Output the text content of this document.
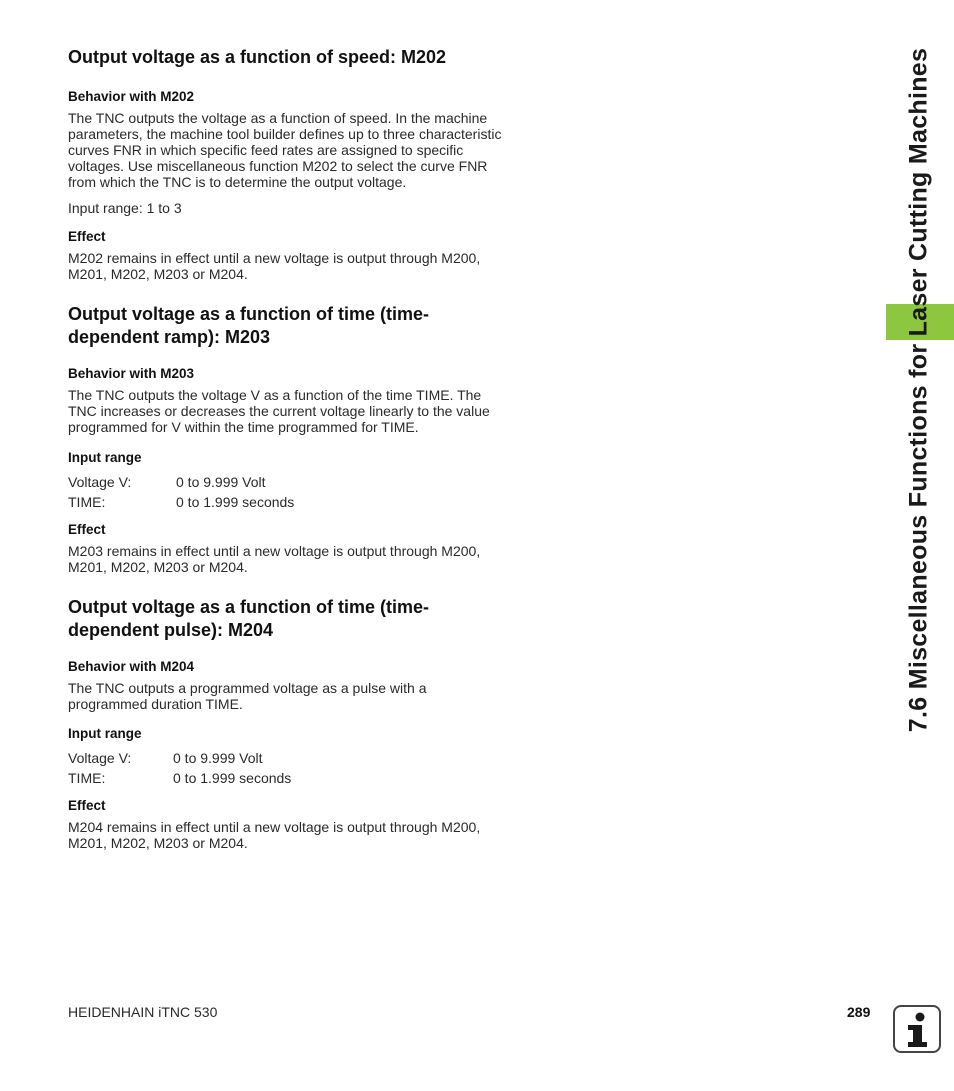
7.6 Miscellaneous Functions for Laser Cutting Machines
Output voltage as a function of speed: M202
Behavior with M202

The TNC outputs the voltage as a function of speed. In the machine parameters, the machine tool builder defines up to three characteristic curves FNR in which specific feed rates are assigned to specific voltages. Use miscellaneous function M202 to select the curve FNR from which the TNC is to determine the output voltage.

Input range: 1 to 3

Effect

M202 remains in effect until a new voltage is output through M200, M201, M202, M203 or M204.

Output voltage as a function of time (time-
dependent ramp): M203
Behavior with M203

The TNC outputs the voltage V as a function of the time TIME. The TNC increases or decreases the current voltage linearly to the value programmed for V within the time programmed for TIME.

Input range
Voltage V:	0 to 9.999 Volt
TIME:	0 to 1.999 seconds
Effect

M203 remains in effect until a new voltage is output through M200, M201, M202, M203 or M204.

Output voltage as a function of time (time-
dependent pulse): M204
Behavior with M204

The TNC outputs a programmed voltage as a pulse with a programmed duration TIME.

Input range
Voltage V:	0 to 9.999 Volt
TIME:	0 to 1.999 seconds
Effect

M204 remains in effect until a new voltage is output through M200, M201, M202, M203 or M204.

HEIDENHAIN iTNC 530	289
